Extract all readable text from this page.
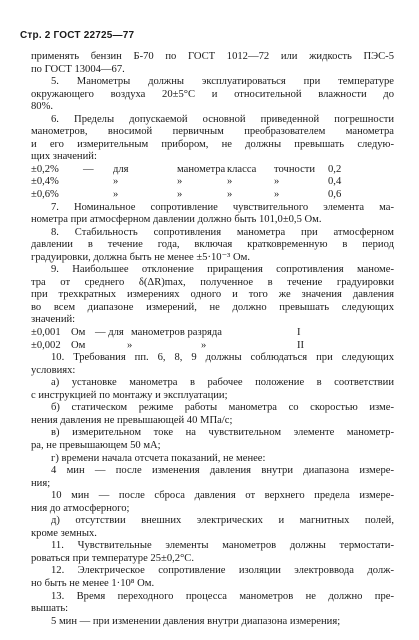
Стр. 2 ГОСТ 22725—77

применять бензин Б-70 по ГОСТ 1012—72 или жидкость ПЭС-5

по ГОСТ 13004—67.

5. Манометры должны эксплуатироваться при температуре

окружающего воздуха 20±5°С и относительной влажности до

80%.

6. Пределы допускаемой основной приведенной погрешности

манометров, вносимой первичным преобразователем манометра

и его измерительным прибором, не должны превышать следую-

щих значений:

±0,2%	—	для	манометра класса	точности	0,2
±0,4%	»	»	»	»	0,4
±0,6%	»	»	»	»	0,6

7. Номинальное сопротивление чувствительного элемента ма-

нометра при атмосферном давлении должно быть 101,0±0,5 Ом.

8. Стабильность сопротивления манометра при атмосферном

давлении в течение года, включая кратковременную в период

градуировки, должна быть не менее ±5·10⁻³ Ом.

9. Наибольшее отклонение приращения сопротивления маномe-

тра от среднего δ(ΔR)max, полученное в течение градуировки

при трехкратных измерениях одного и того же значения давления

во всем диапазоне измерений, не должно превышать следующих

значений:

±0,001 Ом — для манометров разряда	I
±0,002 Ом	»	»	II

10. Требования пп. 6, 8, 9 должны соблюдаться при следующих

условиях:

а) установке манометра в рабочее положение в соответствии

с инструкцией по монтажу и эксплуатации;

б) статическом режиме работы манометра со скоростью изме-

нения давления не превышающей 40 МПа/с;

в) измерительном токе на чувствительном элементе манометр-

ра, не превышающем 50 мА;

г) времени начала отсчета показаний, не менее:

4 мин — после изменения давления внутри диапазона измере-

ния;

10 мин — после сброса давления от верхнего предела измере-

ния до атмосферного;

д) отсутствии внешних электрических и магнитных полей,

кроме земных.

11. Чувствительные элементы манометров должны термостати-

роваться при температуре 25±0,2°С.

12. Электрическое сопротивление изоляции электроввода долж-

но быть не менее 1·10⁸ Ом.

13. Время переходного процесса манометров не должно пре-

вышать:

5 мин — при изменении давления внутри диапазона измерения;
